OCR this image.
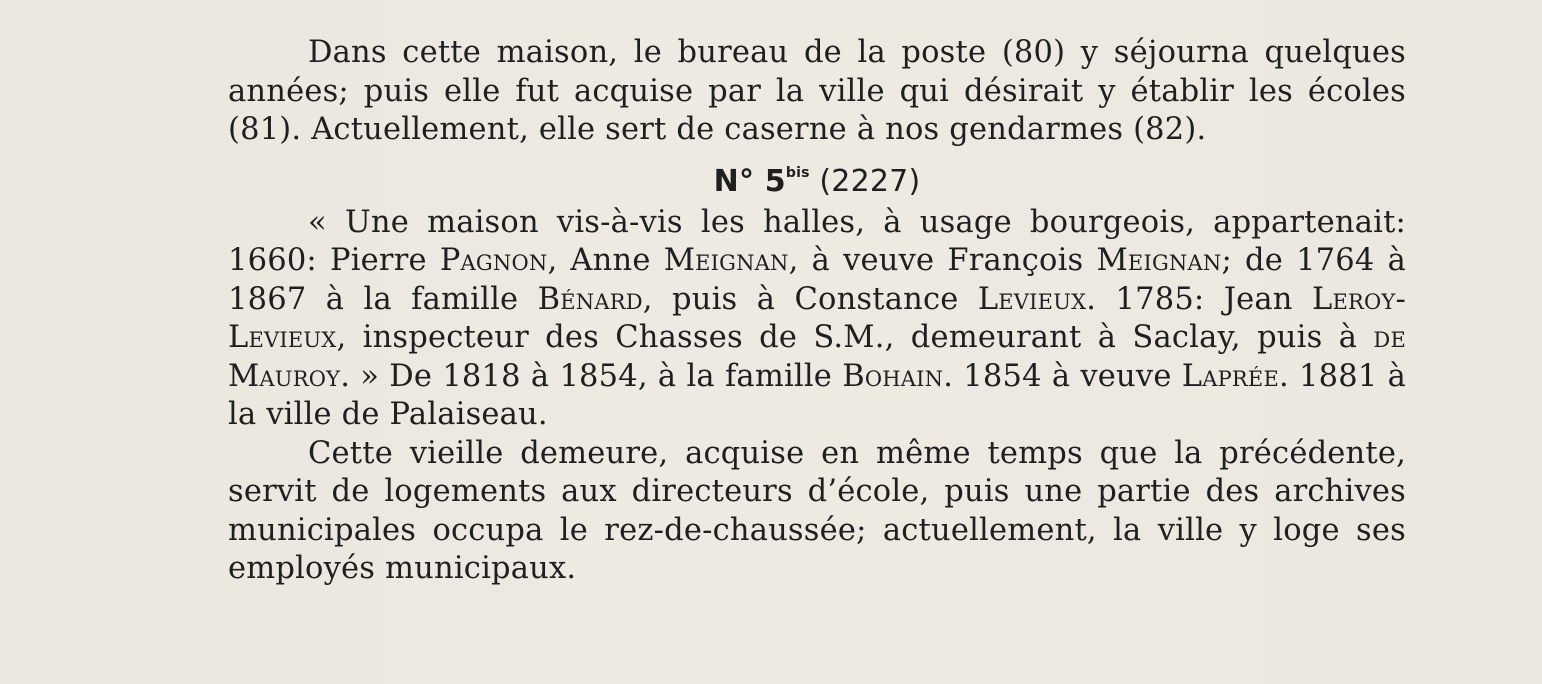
Dans cette maison, le bureau de la poste (80) y séjourna quelques années; puis elle fut acquise par la ville qui désirait y établir les écoles (81). Actuellement, elle sert de caserne à nos gendarmes (82).

N° $5^{bis}$ (2227)

« Une maison vis-à-vis les halles, à usage bourgeois, appartenait: 1660: Pierre Pagnon, Anne Meignan, à veuve François Meignan; de 1764 à 1867 à la famille Bénard, puis à Constance Levieux. 1785: Jean Leroy-Levieux, inspecteur des Chasses de S.M., demeurant à Saclay, puis à de Mauroy. » De 1818 à 1854, à la famille Bohain. 1854 à veuve Laprée. 1881 à la ville de Palaiseau.

Cette vieille demeure, acquise en même temps que la précédente, servit de logements aux directeurs d’école, puis une partie des archives municipales occupa le rez-de-chaussée; actuellement, la ville y loge ses employés municipaux.
